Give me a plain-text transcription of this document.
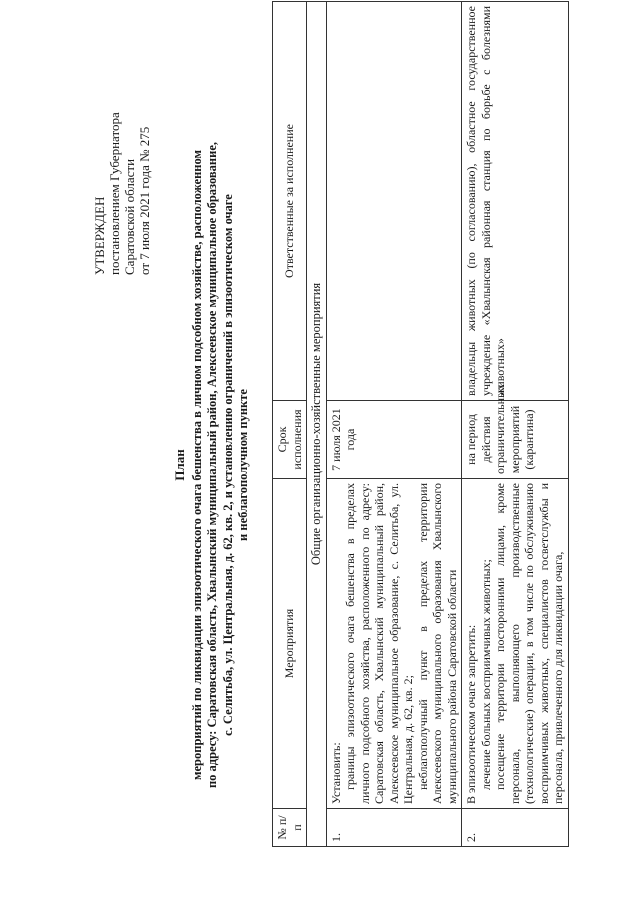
УТВЕРЖДЕН постановлением Губернатора Саратовской области от 7 июля 2021 года № 275
План мероприятий по ликвидации эпизоотического очага бешенства в личном подсобном хозяйстве, расположенном по адресу: Саратовская область, Хвалынский муниципальный район, Алексеевское муниципальное образование, с. Селитьба, ул. Центральная, д. 62, кв. 2, и установлению ограничений в эпизоотическом очаге и неблагополучном пункте
№ п/п	Мероприятия	Срок исполнения	Ответственные за исполнение
Общие организационно-хозяйственные мероприятия			
1.	Установить: границы эпизоотического очага бешенства в пределах личного подсобного хозяйства, расположенного по адресу: Саратовская область, Хвалынский муниципальный район, Алексеевское муниципальное образование, с. Селитьба, ул. Центральная, д. 62, кв. 2; неблагополучный пункт в пределах территории Алексеевского муниципального образования Хвалынского муниципального района Саратовской области	7 июля 2021 года	
2.	В эпизоотическом очаге запретить: лечение больных восприимчивых животных; посещение территории посторонними лицами, кроме персонала, выполняющего производственные (технологические) операции, в том числе по обслуживанию восприимчивых животных, специалистов госветслужбы и персонала, привлеченного для ликвидации очага,	на период действия ограничительных мероприятий (карантина)	владельцы животных (по согласованию), областное государственное учреждение «Хвалынская районная станция по борьбе с болезнями животных»
